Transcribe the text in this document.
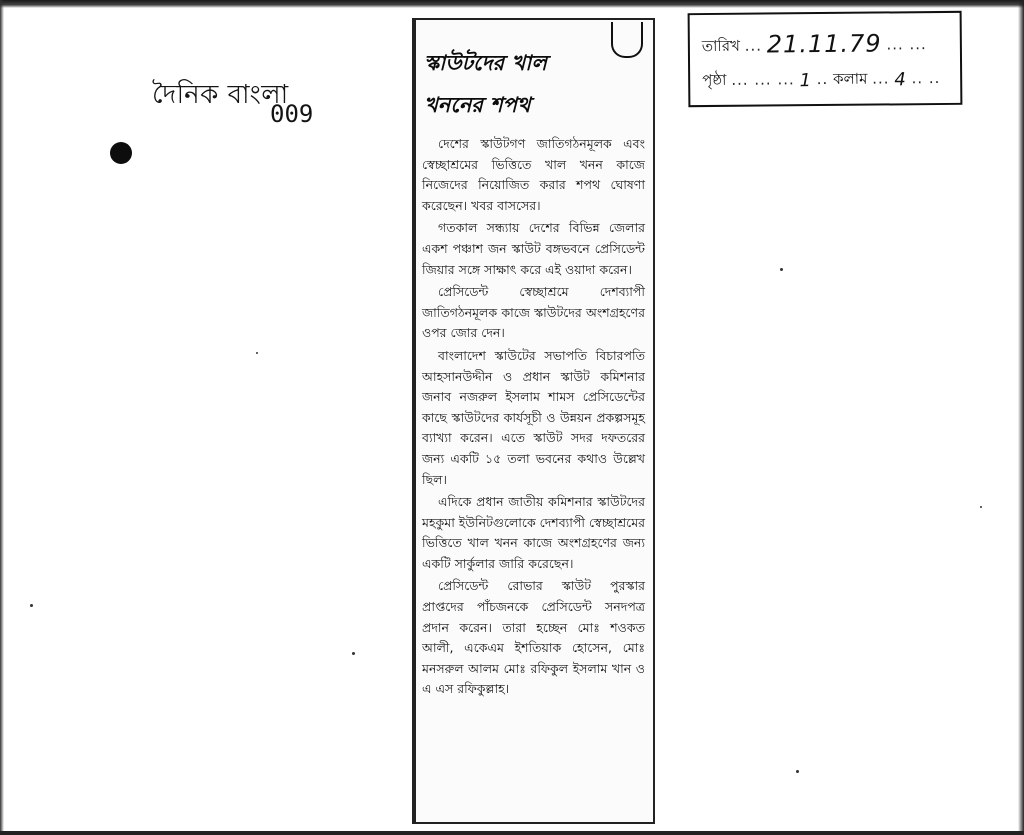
দৈনিক বাংলা
009
তারিখ ... 21.11.79 ... ...
পৃষ্ঠা ... ... ... 1 .. কলাম ... 4 .. ..
স্কাউটদের খাল
খননের শপথ

দেশের স্কাউটগণ জাতিগঠনমূলক এবং স্বেচ্ছাশ্রমের ভিত্তিতে খাল খনন কাজে নিজেদের নিয়োজিত করার শপথ ঘোষণা করেছেন। খবর বাসসের।

গতকাল সন্ধ্যায় দেশের বিভিন্ন জেলার একশ পঞ্চাশ জন স্কাউট বঙ্গভবনে প্রেসিডেন্ট জিয়ার সঙ্গে সাক্ষাৎ করে এই ওয়াদা করেন।

প্রেসিডেন্ট স্বেচ্ছাশ্রমে দেশব্যাপী জাতিগঠনমূলক কাজে স্কাউটদের অংশগ্রহণের ওপর জোর দেন।

বাংলাদেশ স্কাউটের সভাপতি বিচারপতি আহসানউদ্দীন ও প্রধান স্কাউট কমিশনার জনাব নজরুল ইসলাম শামস প্রেসিডেন্টের কাছে স্কাউটদের কার্যসূচী ও উন্নয়ন প্রকল্পসমূহ ব্যাখ্যা করেন। এতে স্কাউট সদর দফতরের জন্য একটি ১৫ তলা ভবনের কথাও উল্লেখ ছিল।

এদিকে প্রধান জাতীয় কমিশনার স্কাউটদের মহকুমা ইউনিটগুলোকে দেশব্যাপী স্বেচ্ছাশ্রমের ভিত্তিতে খাল খনন কাজে অংশগ্রহণের জন্য একটি সার্কুলার জারি করেছেন।

প্রেসিডেন্ট রোভার স্কাউট পুরস্কার প্রাপ্তদের পাঁচজনকে প্রেসিডেন্ট সনদপত্র প্রদান করেন। তারা হচ্ছেন মোঃ শওকত আলী, একেএম ইশতিয়াক হোসেন, মোঃ মনসরুল আলম মোঃ রফিকুল ইসলাম খান ও এ এস রফিকুল্লাহ।
